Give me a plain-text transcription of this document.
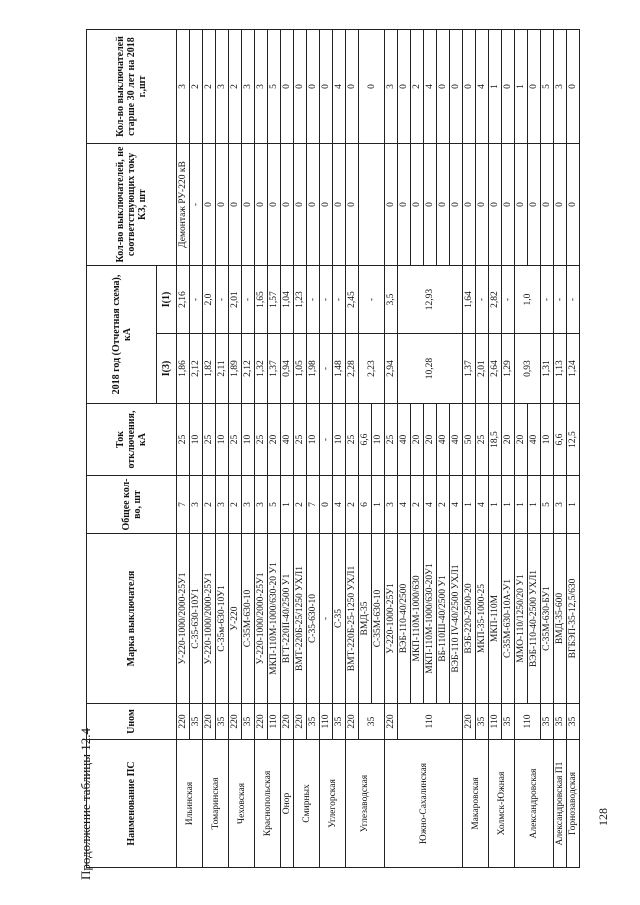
Продолжение таблицы 12.4	128
Наименование ПС	Uном	Марка выключателя	Общее кол-во, шт	Ток отключения, кА	2018 год (Отчетная схема), кА		Кол-во выключателей, не соответствующих току КЗ, шт	Кол-во выключателей старше 30 лет на 2018 г.,шт
					I(3)	I(1)		
Ильинская	220	У-220-1000/2000-25У1	7	25	1,86	2,16	Демонтаж РУ-220 кВ	3
	35	С-35-630-10У1	3	10	2,12	-	-	2
Томаринская	220	У-220-1000/2000-25У1	2	25	1,82	2,0	0	2
	35	С-35м-630-10У1	3	10	2,11	-	0	3
Чеховская	220	У-220	2	25	1,89	2,01	0	2
	35	С-35М-630-10	3	10	2,12	-	0	3
Краснопольская	220	У-220-1000/2000-25У1	3	25	1,32	1,65	0	3
	110	МКП-110М-1000/630-20 У1	5	20	1,37	1,57	0	5
Онор	220	ВГТ-220II-40/2500 У1	1	40	0,94	1,04	0	0
Смирных	220	ВМТ-220Б-25/1250 УХЛ1	2	25	1,05	1,23	0	0
	35	С-35-630-10	7	10	1,98	-	0	0
Углегорская	110	-	0	-	-	-	0	0
	35	С-35	4	10	1,48	-	0	4
Углезаводская	220	ВМТ-220Б-25-1250 УХЛ1	2	25	2,28	2,45	0	0
	35	ВМД-35	6	6,6	2,23	-		0
		С-35М-630-10	1	10				
Южно-Сахалинская	220	У-220-1000-25У1	3	25	2,94	3,5	0	3
	110	ВЭБ-110-40/2500	4	40	10,28	12,93	0	0
		МКП-110М-1000/630	2	20			0	2
		МКП-110М-1000/630-20У1	4	20			0	4
		ВБ-110Ш-40/2500 У1	2	40			0	0
		ВЭБ-110 IV-40/2500 УХЛ1	4	40			0	0
Макаровская	220	ВЭБ-220-2500-20	1	50	1,37	1,64	0	0
	35	МКП-35-1000-25	4	25	2,01	-	0	4
Холмск-Южная	110	МКП-110М	1	18,5	2,64	2,82	0	1
	35	С-35М-630-10А-У1	1	20	1,29	-	0	0
Александровская	110	ММО-110/1250/20 У1	1	20	0,93	1,0	0	1
		ВЭБ-110-40-2500 УХЛ1	1	40			0	0
	35	С-35М-630-БУ1	5	10	1,31	-	0	5
Александровская П1	35	ВМД-35-600	3	6,6	1,13	-	0	3
Горнозаводская	35	ВГБЭП-35-12,5/630	1	12,5	1,24	-	0	0
